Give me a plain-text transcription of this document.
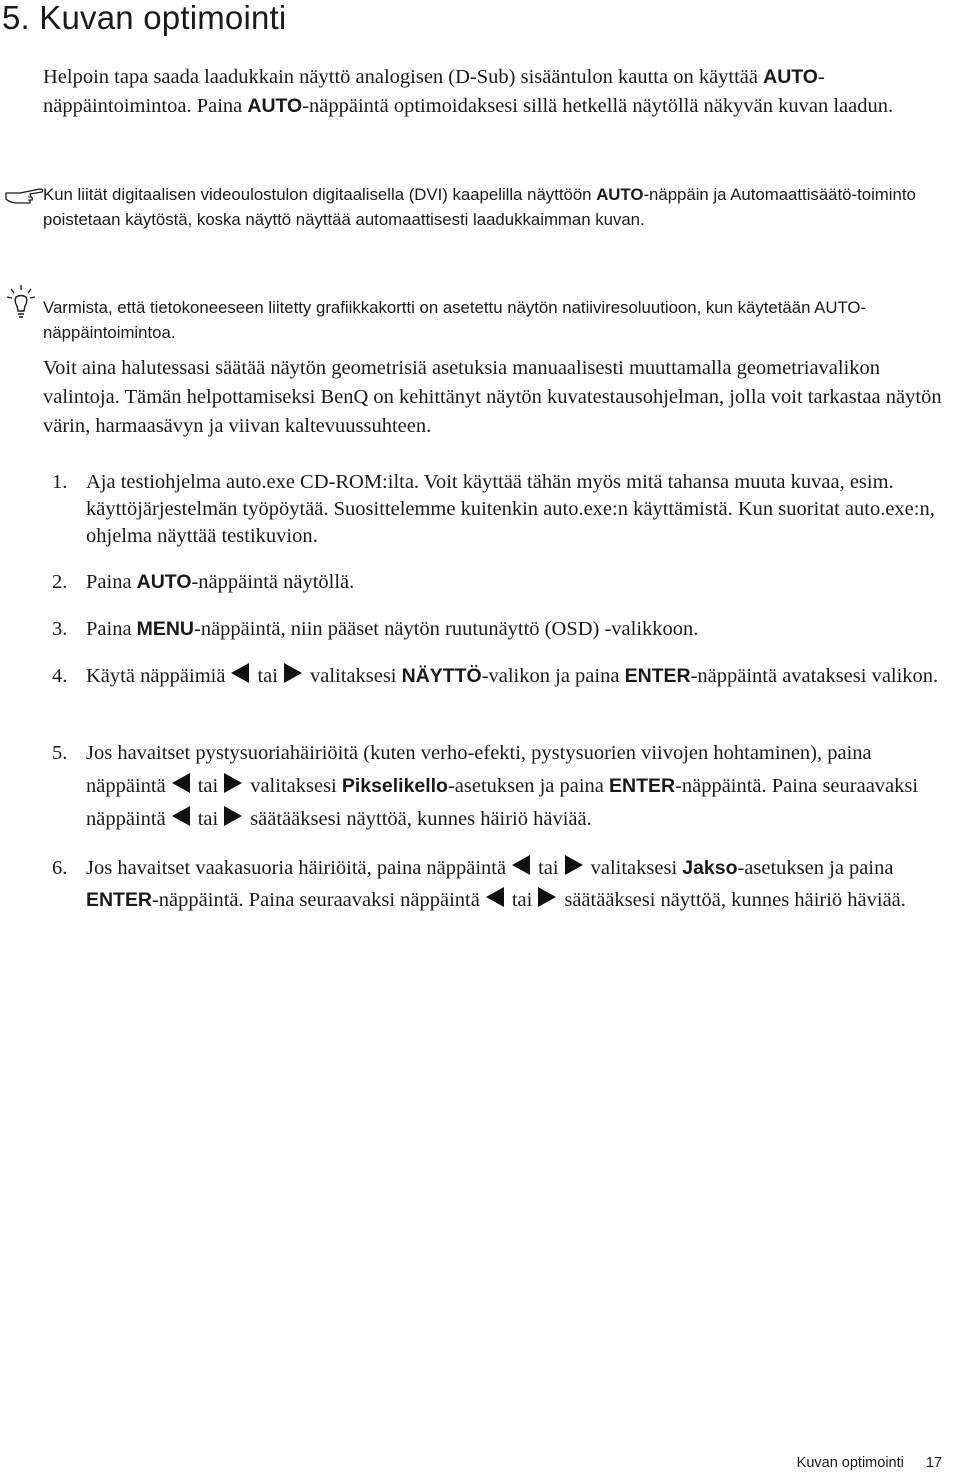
5. Kuvan optimointi

Helpoin tapa saada laadukkain näyttö analogisen (D-Sub) sisääntulon kautta on käyttää AUTO-näppäintoimintoa. Paina AUTO-näppäintä optimoidaksesi sillä hetkellä näytöllä näkyvän kuvan laadun.

Kun liität digitaalisen videoulostulon digitaalisella (DVI) kaapelilla näyttöön AUTO-näppäin ja Automaattisäätö-toiminto poistetaan käytöstä, koska näyttö näyttää automaattisesti laadukkaimman kuvan.

Varmista, että tietokoneeseen liitetty grafiikkakortti on asetettu näytön natiiviresoluutioon, kun käytetään AUTO-näppäintoimintoa.

Voit aina halutessasi säätää näytön geometrisiä asetuksia manuaalisesti muuttamalla geometriavalikon valintoja. Tämän helpottamiseksi BenQ on kehittänyt näytön kuvatestausohjelman, jolla voit tarkastaa näytön värin, harmaasävyn ja viivan kaltevuussuhteen.

1. Aja testiohjelma auto.exe CD-ROM:ilta. Voit käyttää tähän myös mitä tahansa muuta kuvaa, esim. käyttöjärjestelmän työpöytää. Suosittelemme kuitenkin auto.exe:n käyttämistä. Kun suoritat auto.exe:n, ohjelma näyttää testikuvion.
2. Paina AUTO-näppäintä näytöllä.
3. Paina MENU-näppäintä, niin pääset näytön ruutunäyttö (OSD) -valikkoon.
4. Käytä näppäimiä tai valitaksesi NÄYTTÖ-valikon ja paina ENTER-näppäintä avataksesi valikon.
5. Jos havaitset pystysuoriahäiriöitä (kuten verho-efekti, pystysuorien viivojen hohtaminen), paina näppäintä tai valitaksesi Pikselikello-asetuksen ja paina ENTER-näppäintä. Paina seuraavaksi näppäintä tai säätääksesi näyttöä, kunnes häiriö häviää.
6. Jos havaitset vaakasuoria häiriöitä, paina näppäintä tai valitaksesi Jakso-asetuksen ja paina ENTER-näppäintä. Paina seuraavaksi näppäintä tai säätääksesi näyttöä, kunnes häiriö häviää.
Kuvan optimointi 17
